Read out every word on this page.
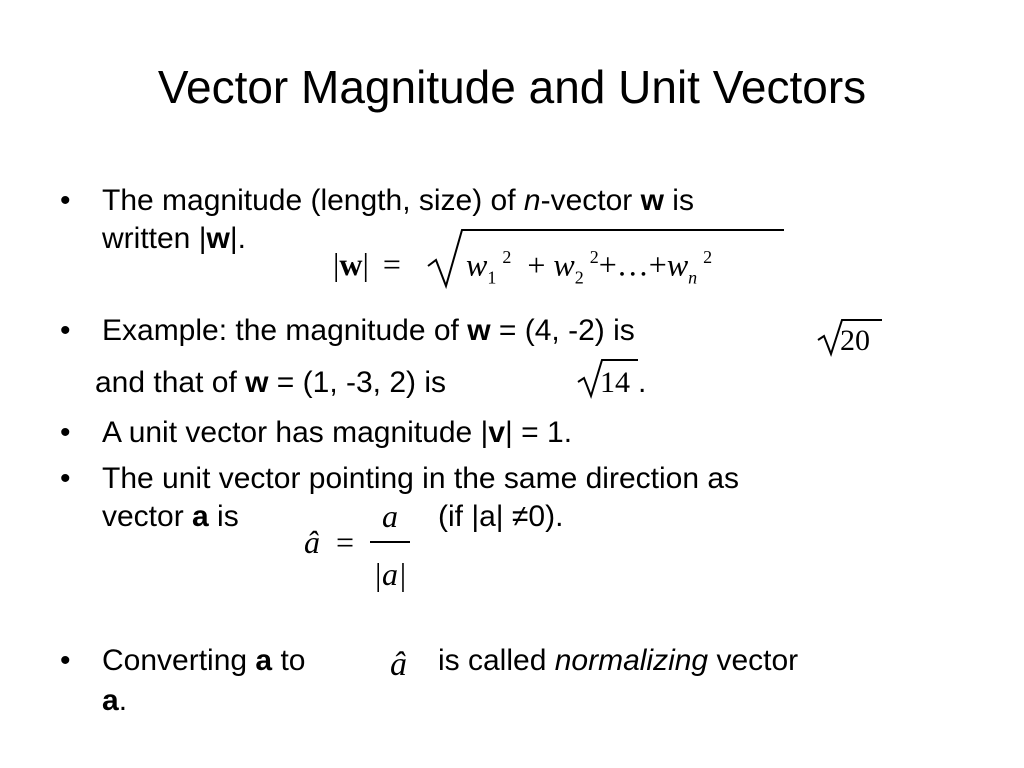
Vector Magnitude and Unit Vectors
• The magnitude (length, size) of n-vector w is
written |w|.
$|w| = w_1^2$ + $w_2^2+\dots+w_n^2$
• Example: the magnitude of w = (4, -2) is	20
and that of w = (1, -3, 2) is	14 .
• A unit vector has magnitude |v| = 1.
• The unit vector pointing in the same direction as
vector a is	(if |a| ≠0).
â =
a
|a|
• Converting a to â is called normalizing vector
a.
